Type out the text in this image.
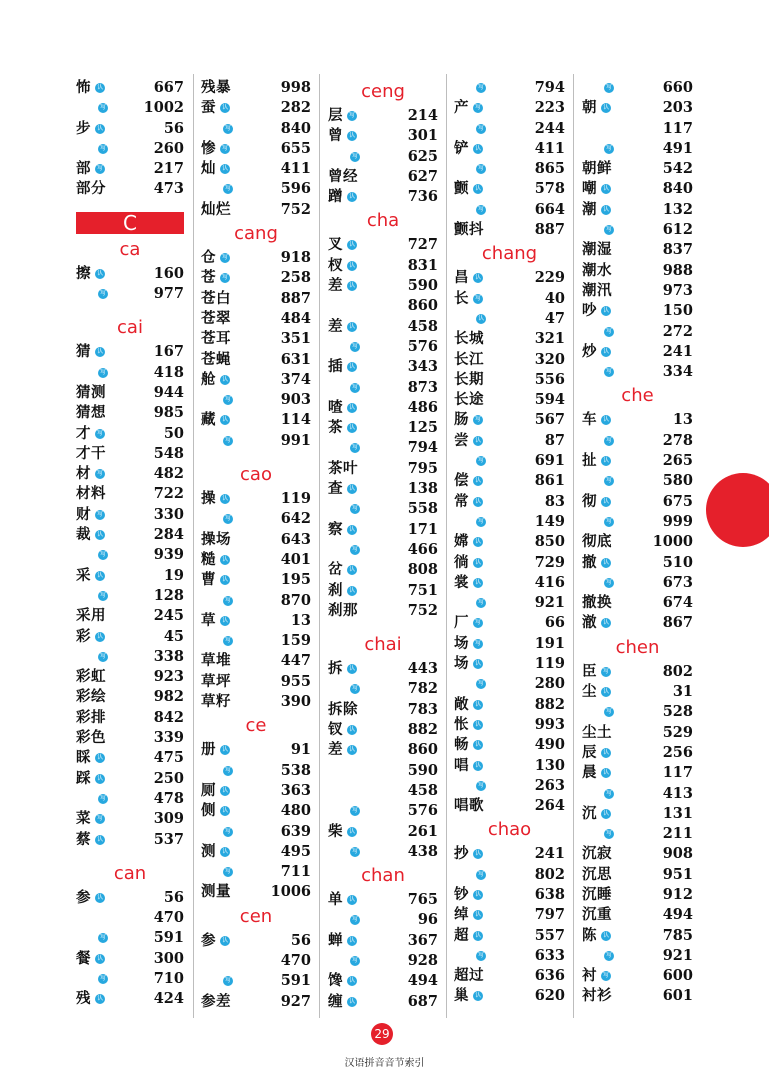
怖 认	667
写	1002
步 认	56
写	260
部 写	217
部分	473
C
ca
擦 认	160
写	977
cai
猜 认	167
写	418
猜测	944
猜想	985
才 写	50
才干	548
材 写	482
材料	722
财 写	330
裁 认	284
写	939
采 认	19
写	128
采用	245
彩 认	45
写	338
彩虹	923
彩绘	982
彩排	842
彩色	339
睬 认	475
踩 认	250
写	478
菜 写	309
蔡 认	537
can
参 认	56
470
写	591
餐 认	300
写	710
残 认	424
残暴	998
蚕 认	282
写	840
惨 写	655
灿 认	411
写	596
灿烂	752
cang
仓 写	918
苍 写	258
苍白	887
苍翠	484
苍耳	351
苍蝇	631
舱 认	374
写	903
藏 认	114
写	991
cao
操 认	119
写	642
操场	643
糙 认	401
曹 认	195
写	870
草 认	13
写	159
草堆	447
草坪	955
草籽	390
ce
册 认	91
写	538
厕 认	363
侧 认	480
写	639
测 认	495
写	711
测量	1006
cen
参 认	56
470
写	591
参差	927
ceng
层 写	214
曾 认	301
写	625
曾经	627
蹭 认	736
cha
叉 认	727
杈 认	831
差 认	590
860
差 认	458
写	576
插 认	343
写	873
喳 认	486
茶 认	125
写	794
茶叶	795
查 认	138
写	558
察 认	171
写	466
岔 认	808
刹 认	751
刹那	752
chai
拆 认	443
写	782
拆除	783
钗 认	882
差 认	860
590
458
写	576
柴 认	261
写	438
chan
单 认	765
写	96
蝉 认	367
写	928
馋 认	494
缠 认	687
写	794
产 写	223
写	244
铲 认	411
写	865
颤 认	578
写	664
颤抖	887
chang
昌 认	229
长 写	40
认	47
长城	321
长江	320
长期	556
长途	594
肠 写	567
尝 认	87
写	691
偿 认	861
常 认	83
写	149
嫦 认	850
徜 认	729
裳 认	416
写	921
厂 写	66
场 写	191
场 认	119
写	280
敞 认	882
怅 认	993
畅 认	490
唱 认	130
写	263
唱歌	264
chao
抄 认	241
写	802
钞 认	638
绰 认	797
超 认	557
写	633
超过	636
巢 认	620
写	660
朝 认	203
117
写	491
朝鲜	542
嘲 认	840
潮 认	132
写	612
潮湿	837
潮水	988
潮汛	973
吵 认	150
写	272
炒 认	241
写	334
che
车 认	13
写	278
扯 认	265
写	580
彻 认	675
写	999
彻底	1000
撤 认	510
写	673
撤换	674
澈 认	867
chen
臣 写	802
尘 认	31
写	528
尘土	529
辰 认	256
晨 认	117
写	413
沉 认	131
写	211
沉寂	908
沉思	951
沉睡	912
沉重	494
陈 认	785
写	921
衬 写	600
衬衫	601
29
汉语拼音音节索引
